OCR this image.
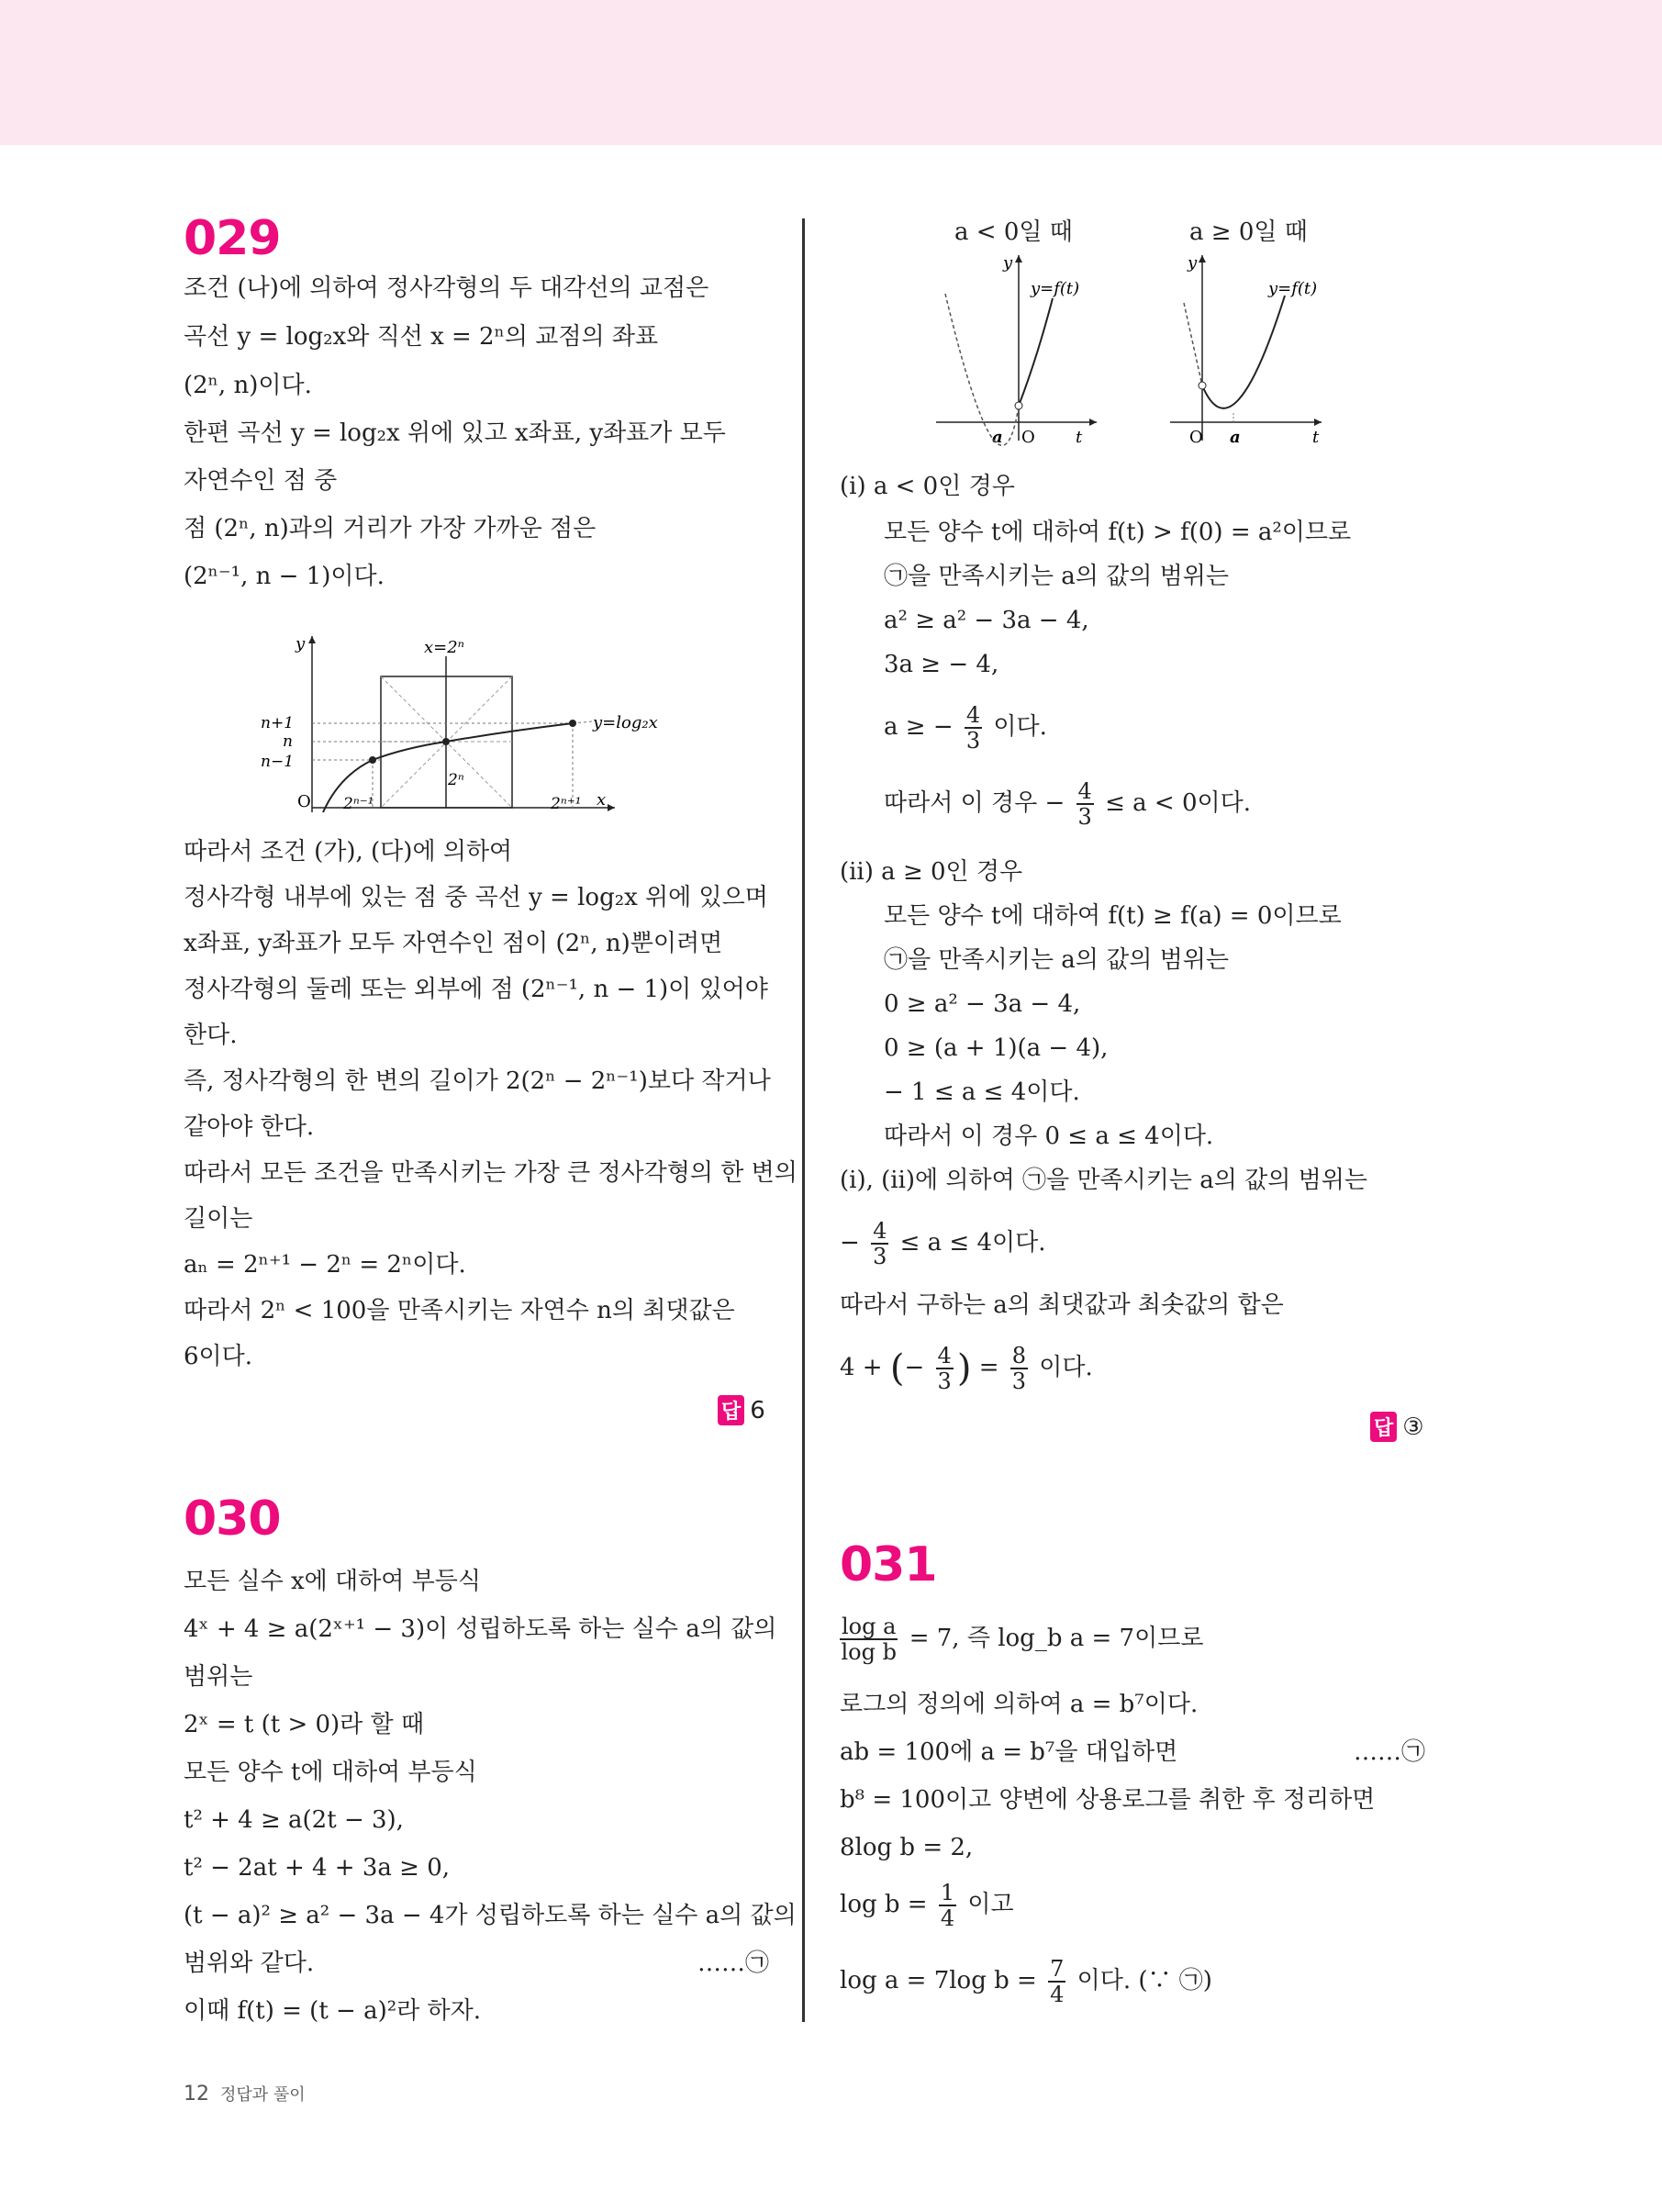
029
조건 (나)에 의하여 정사각형의 두 대각선의 교점은
곡선 y = log₂x와 직선 x = 2ⁿ의 교점의 좌표
(2ⁿ, n)이다.
한편 곡선 y = log₂x 위에 있고 x좌표, y좌표가 모두
자연수인 점 중
점 (2ⁿ, n)과의 거리가 가장 가까운 점은
(2ⁿ⁻¹, n − 1)이다.
y
x
O
x=2ⁿ
y=log₂x
n+1
n
n−1
2ⁿ⁻¹
2ⁿ
2ⁿ⁺¹
따라서 조건 (가), (다)에 의하여
정사각형 내부에 있는 점 중 곡선 y = log₂x 위에 있으며
x좌표, y좌표가 모두 자연수인 점이 (2ⁿ, n)뿐이려면
정사각형의 둘레 또는 외부에 점 (2ⁿ⁻¹, n − 1)이 있어야
한다.
즉, 정사각형의 한 변의 길이가 2(2ⁿ − 2ⁿ⁻¹)보다 작거나
같아야 한다.
따라서 모든 조건을 만족시키는 가장 큰 정사각형의 한 변의
길이는
aₙ = 2ⁿ⁺¹ − 2ⁿ = 2ⁿ이다.
따라서 2ⁿ < 100을 만족시키는 자연수 n의 최댓값은
6이다.
답 6
030
모든 실수 x에 대하여 부등식
4ˣ + 4 ≥ a(2ˣ⁺¹ − 3)이 성립하도록 하는 실수 a의 값의
범위는
2ˣ = t (t > 0)라 할 때
모든 양수 t에 대하여 부등식
t² + 4 ≥ a(2t − 3),
t² − 2at + 4 + 3a ≥ 0,
(t − a)² ≥ a² − 3a − 4가 성립하도록 하는 실수 a의 값의
범위와 같다.
이때 f(t) = (t − a)²라 하자.
……㉠
a < 0일 때	a ≥ 0일 때
y
t
O
a
y=f(t)
y
t
O a
y=f(t)
(ⅰ) a < 0인 경우
모든 양수 t에 대하여 f(t) > f(0) = a²이므로
㉠을 만족시키는 a의 값의 범위는
a² ≥ a² − 3a − 4,
3a ≥ − 4,
a ≥ − $\frac{4}{3}$ 이다.
따라서 이 경우 − $\frac{4}{3} \le a < 0$이다.
(ⅱ) a ≥ 0인 경우
모든 양수 t에 대하여 f(t) ≥ f(a) = 0이므로
㉠을 만족시키는 a의 값의 범위는
0 ≥ a² − 3a − 4,
0 ≥ (a + 1)(a − 4),
− 1 ≤ a ≤ 4이다.
따라서 이 경우 0 ≤ a ≤ 4이다.
(ⅰ), (ⅱ)에 의하여 ㉠을 만족시키는 a의 값의 범위는
− $\frac{4}{3} \le a \le 4$이다.
따라서 구하는 a의 최댓값과 최솟값의 합은
4 + (− $\frac{4}{3}$ ) = $\frac{8}{3}$ 이다.
답 ③
031
$\frac{\text{log a}}{\text{log b}} = 7$, 즉 log_b a = 7이므로
로그의 정의에 의하여 a = b⁷이다.
ab = 100에 a = b⁷을 대입하면	……㉠
b⁸ = 100이고 양변에 상용로그를 취한 후 정리하면
8log b = 2,
$\log b = \frac{1}{4}$ 이고
log a = 7log $b = \frac{7}{4}$ 이다. (∵ ㉠)
12 정답과 풀이
